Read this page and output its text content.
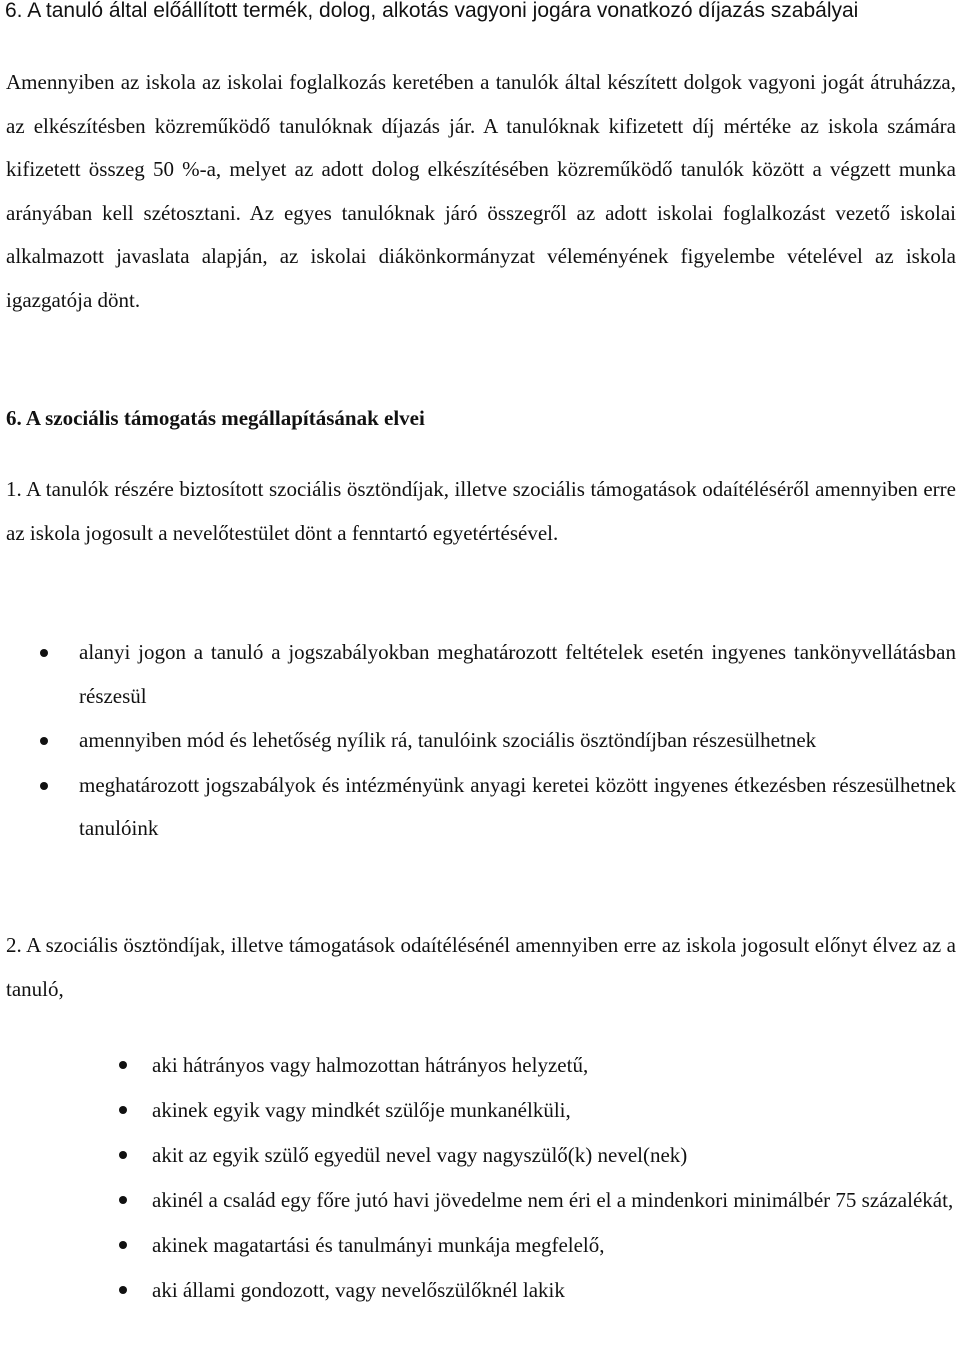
6. A tanuló által előállított termék, dolog, alkotás vagyoni jogára vonatkozó díjazás szabályai

Amennyiben az iskola az iskolai foglalkozás keretében a tanulók által készített dolgok vagyoni jogát átruházza, az elkészítésben közreműködő tanulóknak díjazás jár. A tanulóknak kifizetett díj mértéke az iskola számára kifizetett összeg 50 %-a, melyet az adott dolog elkészítésében közreműködő tanulók között a végzett munka arányában kell szétosztani. Az egyes tanulóknak járó összegről az adott iskolai foglalkozást vezető iskolai alkalmazott javaslata alapján, az iskolai diákönkormányzat véleményének figyelembe vételével az iskola igazgatója dönt.

6. A szociális támogatás megállapításának elvei

1. A tanulók részére biztosított szociális ösztöndíjak, illetve szociális támogatások odaítéléséről amennyiben erre az iskola jogosult a nevelőtestület dönt a fenntartó egyetértésével.

alanyi jogon a tanuló a jogszabályokban meghatározott feltételek esetén ingyenes tankönyvellátásban részesül

amennyiben mód és lehetőség nyílik rá, tanulóink szociális ösztöndíjban részesülhetnek

meghatározott jogszabályok és intézményünk anyagi keretei között ingyenes étkezésben részesülhetnek tanulóink

2. A szociális ösztöndíjak, illetve támogatások odaítélésénél amennyiben erre az iskola jogosult előnyt élvez az a tanuló,

aki hátrányos vagy halmozottan hátrányos helyzetű,

akinek egyik vagy mindkét szülője munkanélküli,

akit az egyik szülő egyedül nevel vagy nagyszülő(k) nevel(nek)

akinél a család egy főre jutó havi jövedelme nem éri el a mindenkori minimálbér 75 százalékát,

akinek magatartási és tanulmányi munkája megfelelő,

aki állami gondozott, vagy nevelőszülőknél lakik
